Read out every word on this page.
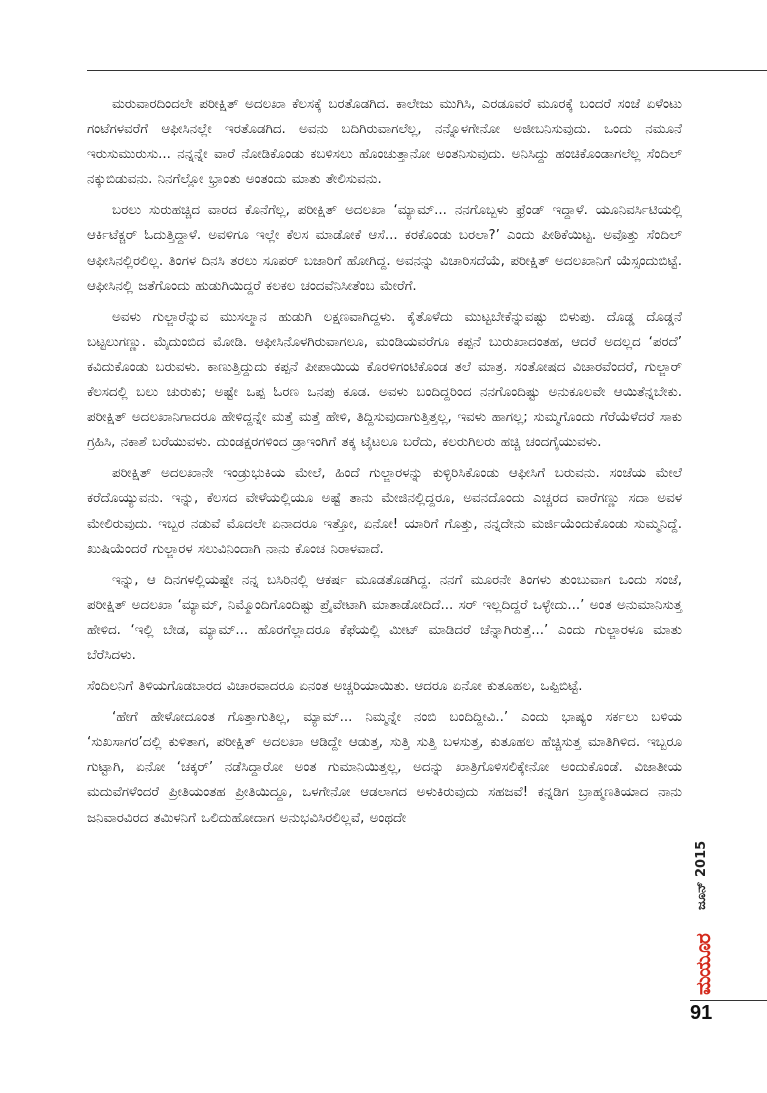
ಮರುವಾರದಿಂದಲೇ ಪರೀಕ್ಷಿತ್ ಅದಲಖಾ ಕೆಲಸಕ್ಕೆ ಬರತೊಡಗಿದ. ಕಾಲೇಜು ಮುಗಿಸಿ, ಎರಡೂವರೆ ಮೂರಕ್ಕೆ ಬಂದರೆ ಸಂಜೆ ಏಳೆಂಟು ಗಂಟೆಗಳವರೆಗೆ ಆಫೀಸಿನಲ್ಲೇ ಇರತೊಡಗಿದ. ಅವನು ಬದಿಗಿರುವಾಗಲೆಲ್ಲ, ನನ್ನೊಳಗೇನೋ ಅಜೀಬನಿಸುವುದು. ಒಂದು ನಮೂನೆ ಇರುಸುಮುರುಸು... ನನ್ನನ್ನೇ ವಾರೆ ನೋಡಿಕೊಂಡು ಕಬಳಿಸಲು ಹೊಂಚುತ್ತಾನೋ ಅಂತನಿಸುವುದು. ಅನಿಸಿದ್ದು ಹಂಚಿಕೊಂಡಾಗಲೆಲ್ಲ ಸೆಂದಿಲ್ ನಕ್ಕುಬಿಡುವನು. ನಿನಗೆಲ್ಲೋ ಭ್ರಾಂತು ಅಂತಂದು ಮಾತು ತೇಲಿಸುವನು.

ಬರಲು ಸುರುಹಚ್ಚಿದ ವಾರದ ಕೊನೆಗೆಲ್ಲ, ಪರೀಕ್ಷಿತ್ ಅದಲಖಾ ‘ಮ್ಯಾಮ್... ನನಗೊಬ್ಬಳು ಫ್ರೆಂಡ್ ಇದ್ದಾಳೆ. ಯೂನಿವರ್ಸಿಟಿಯಲ್ಲಿ ಆರ್ಕಿಟೆಕ್ಚರ್ ಓದುತ್ತಿದ್ದಾಳೆ. ಅವಳಿಗೂ ಇಲ್ಲೇ ಕೆಲಸ ಮಾಡೋಕೆ ಆಸೆ... ಕರಕೊಂಡು ಬರಲಾ?’ ಎಂದು ಪೀಠಿಕೆಯಿಟ್ಟ. ಅವೊತ್ತು ಸೆಂದಿಲ್ ಆಫೀಸಿನಲ್ಲಿರಲಿಲ್ಲ. ತಿಂಗಳ ದಿನಸಿ ತರಲು ಸೂಪರ್ ಬಜಾರಿಗೆ ಹೋಗಿದ್ದ. ಅವನನ್ನು ವಿಚಾರಿಸದೆಯೆ, ಪರೀಕ್ಷಿತ್ ಅದಲಖಾನಿಗೆ ಯೆಸ್ಸಂದುಬಿಟ್ಟೆ. ಆಫೀಸಿನಲ್ಲಿ ಜತೆಗೊಂದು ಹುಡುಗಿಯಿದ್ದರೆ ಕಲಕಲ ಚಂದವೆನಿಸೀತೆಂಬ ಮೇರೆಗೆ.

ಅವಳು ಗುಲ್ಜಾರೆನ್ನುವ ಮುಸಲ್ಮಾನ ಹುಡುಗಿ ಲಕ್ಷಣವಾಗಿದ್ದಳು. ಕೈತೊಳೆದು ಮುಟ್ಟಬೇಕೆನ್ನುವಷ್ಟು ಬಿಳುಪು. ದೊಡ್ಡ ದೊಡ್ಡನೆ ಬಟ್ಟಲುಗಣ್ಣು. ಮೈದುಂಬಿದ ಮೋಡಿ. ಆಫೀಸಿನೊಳಗಿರುವಾಗಲೂ, ಮಂಡಿಯವರೆಗೂ ಕಪ್ಪನೆ ಬುರುಖಾದಂತಹ, ಆದರೆ ಅದಲ್ಲದ ‘ಪರದೆ’ ಕವಿದುಕೊಂಡು ಬರುವಳು. ಕಾಣುತ್ತಿದ್ದುದು ಕಪ್ಪನೆ ಪೀಪಾಯಿಯ ಕೊರಳಿಗಂಟಿಕೊಂಡ ತಲೆ ಮಾತ್ರ. ಸಂತೋಷದ ವಿಚಾರವೆಂದರೆ, ಗುಲ್ಜಾರ್ ಕೆಲಸದಲ್ಲಿ ಬಲು ಚುರುಕು; ಅಷ್ಟೇ ಒಪ್ಪ ಓರಣ ಒನಪು ಕೂಡ. ಅವಳು ಬಂದಿದ್ದರಿಂದ ನನಗೊಂದಿಷ್ಟು ಅನುಕೂಲವೇ ಆಯಿತೆನ್ನಬೇಕು. ಪರೀಕ್ಷಿತ್ ಅದಲಖಾನಿಗಾದರೂ ಹೇಳಿದ್ದನ್ನೇ ಮತ್ತೆ ಮತ್ತೆ ಹೇಳಿ, ತಿದ್ದಿಸುವುದಾಗುತ್ತಿತ್ತಲ್ಲ, ಇವಳು ಹಾಗಲ್ಲ; ಸುಮ್ಮಗೊಂದು ಗೆರೆಯೆಳೆದರೆ ಸಾಕು ಗ್ರಹಿಸಿ, ನಕಾಶೆ ಬರೆಯುವಳು. ದುಂಡಕ್ಷರಗಳಿಂದ ಡ್ರಾಇಂಗಿಗೆ ತಕ್ಕ ಟೈಟಲೂ ಬರೆದು, ಕಲರುಗಿಲರು ಹಚ್ಚಿ ಚಂದಗೈಯುವಳು.

ಪರೀಕ್ಷಿತ್ ಅದಲಖಾನೇ ಇಂಡ್ರುಭುಕಿಯ ಮೇಲೆ, ಹಿಂದೆ ಗುಲ್ಜಾರಳನ್ನು ಕುಳ್ಳಿರಿಸಿಕೊಂಡು ಆಫೀಸಿಗೆ ಬರುವನು. ಸಂಜೆಯ ಮೇಲೆ ಕರೆದೊಯ್ಯುವನು. ಇನ್ನು, ಕೆಲಸದ ವೇಳೆಯಲ್ಲಿಯೂ ಅಷ್ಟೆ ತಾನು ಮೇಜಿನಲ್ಲಿದ್ದರೂ, ಅವನದೊಂದು ಎಚ್ಚರದ ವಾರೆಗಣ್ಣು ಸದಾ ಅವಳ ಮೇಲಿರುವುದು. ಇಬ್ಬರ ನಡುವೆ ಮೊದಲೇ ಏನಾದರೂ ಇತ್ತೋ, ಏನೋ! ಯಾರಿಗೆ ಗೊತ್ತು, ನನ್ನದೇನು ಮರ್ಜಿಯೆಂದುಕೊಂಡು ಸುಮ್ಮನಿದ್ದೆ. ಖುಷಿಯೆಂದರೆ ಗುಲ್ಜಾರಳ ಸಲುವಿನಿಂದಾಗಿ ನಾನು ಕೊಂಚ ನಿರಾಳವಾದೆ.

ಇನ್ನು, ಆ ದಿನಗಳಲ್ಲಿಯಷ್ಟೇ ನನ್ನ ಬಸಿರಿನಲ್ಲಿ ಆಕರ್ಷ ಮೂಡತೊಡಗಿದ್ದ. ನನಗೆ ಮೂರನೇ ತಿಂಗಳು ತುಂಬುವಾಗ ಒಂದು ಸಂಜೆ, ಪರೀಕ್ಷಿತ್ ಅದಲಖಾ ‘ಮ್ಯಾಮ್, ನಿಮ್ಮೊಂದಿಗೊಂದಿಷ್ಟು ಪ್ರೈವೇಟಾಗಿ ಮಾತಾಡೋದಿದೆ... ಸರ್ ಇಲ್ಲದಿದ್ದರೆ ಒಳ್ಳೇದು...’ ಅಂತ ಅನುಮಾನಿಸುತ್ತ ಹೇಳಿದ. ‘ಇಲ್ಲಿ ಬೇಡ, ಮ್ಯಾಮ್... ಹೊರಗೆಲ್ಲಾದರೂ ಕೆಫೆಯಲ್ಲಿ ಮೀಟ್ ಮಾಡಿದರೆ ಚೆನ್ನಾಗಿರುತ್ತೆ...’ ಎಂದು ಗುಲ್ಜಾರಳೂ ಮಾತು ಬೆರೆಸಿದಳು.

ಸೆಂದಿಲನಿಗೆ ತಿಳಿಯಗೊಡಬಾರದ ವಿಚಾರವಾದರೂ ಏನಂತ ಅಚ್ಚರಿಯಾಯಿತು. ಆದರೂ ಏನೋ ಕುತೂಹಲ, ಒಪ್ಪಿಬಿಟ್ಟೆ.

‘ಹೇಗೆ ಹೇಳೋದೂಂತ ಗೊತ್ತಾಗುತಿಲ್ಲ, ಮ್ಯಾಮ್... ನಿಮ್ಮನ್ನೇ ನಂಬಿ ಬಂದಿದ್ದೀವಿ..’ ಎಂದು ಭಾಷ್ಯಂ ಸರ್ಕಲು ಬಳಿಯ ‘ಸುಖಸಾಗರ’ದಲ್ಲಿ ಕುಳಿತಾಗ, ಪರೀಕ್ಷಿತ್ ಅದಲಖಾ ಆಡಿದ್ದೇ ಆಡುತ್ತ, ಸುತ್ತಿ ಸುತ್ತಿ ಬಳಸುತ್ತ, ಕುತೂಹಲ ಹೆಚ್ಚಿಸುತ್ತ ಮಾತಿಗಿಳಿದ. ಇಬ್ಬರೂ ಗುಟ್ಟಾಗಿ, ಏನೋ ‘ಚಕ್ಕರ್’ ನಡೆಸಿದ್ದಾರೋ ಅಂತ ಗುಮಾನಿಯಿತ್ತಲ್ಲ, ಅದನ್ನು ಖಾತ್ರಿಗೊಳಿಸಲಿಕ್ಕೇನೋ ಅಂದುಕೊಂಡೆ. ವಿಜಾತೀಯ ಮದುವೆಗಳೆಂದರೆ ಪ್ರೀತಿಯಂತಹ ಪ್ರೀತಿಯಿದ್ದೂ, ಒಳಗೇನೋ ಆಡಲಾಗದ ಅಳುಕಿರುವುದು ಸಹಜವೆ! ಕನ್ನಡಿಗ ಬ್ರಾಹ್ಮಣತಿಯಾದ ನಾನು ಜನಿವಾರವಿರದ ತಮಿಳನಿಗೆ ಒಲಿದುಹೋದಾಗ ಅನುಭವಿಸಿರಲಿಲ್ಲವೆ, ಅಂಥದೇ

ಜೂನ್ 2015
ಮಯೂರ
91
